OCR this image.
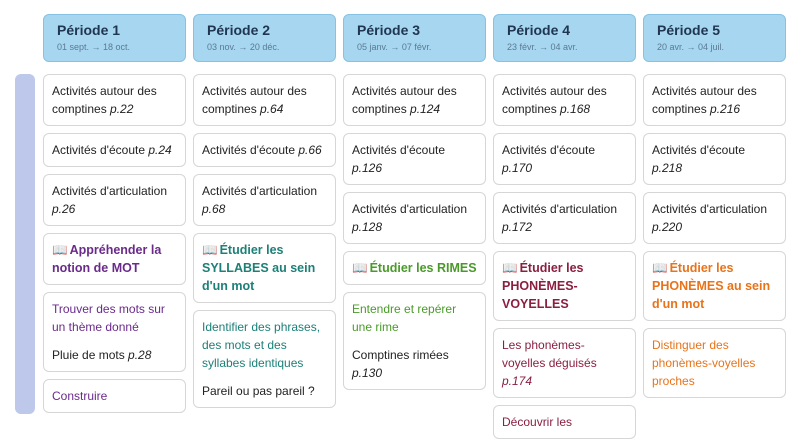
Période 1
01 sept. → 18 oct.
Activités autour des comptines p.22
Activités d'écoute p.24
Activités d'articulation p.26
📖 Appréhender la notion de MOT
Trouver des mots sur un thème donné
Pluie de mots p.28
Construire
Période 2
03 nov. → 20 déc.
Activités autour des comptines p.64
Activités d'écoute p.66
Activités d'articulation p.68
📖 Étudier les SYLLABES au sein d'un mot
Identifier des phrases, des mots et des syllabes identiques
Pareil ou pas pareil ?
Période 3
05 janv. → 07 févr.
Activités autour des comptines p.124
Activités d'écoute p.126
Activités d'articulation p.128
📖 Étudier les RIMES
Entendre et repérer une rime
Comptines rimées p.130
Période 4
23 févr. → 04 avr.
Activités autour des comptines p.168
Activités d'écoute p.170
Activités d'articulation p.172
📖 Étudier les PHONÈMES-VOYELLES
Les phonèmes-voyelles déguisés p.174
Découvrir les
Période 5
20 avr. → 04 juil.
Activités autour des comptines p.216
Activités d'écoute p.218
Activités d'articulation p.220
📖 Étudier les PHONÈMES au sein d'un mot
Distinguer des phonèmes-voyelles proches
